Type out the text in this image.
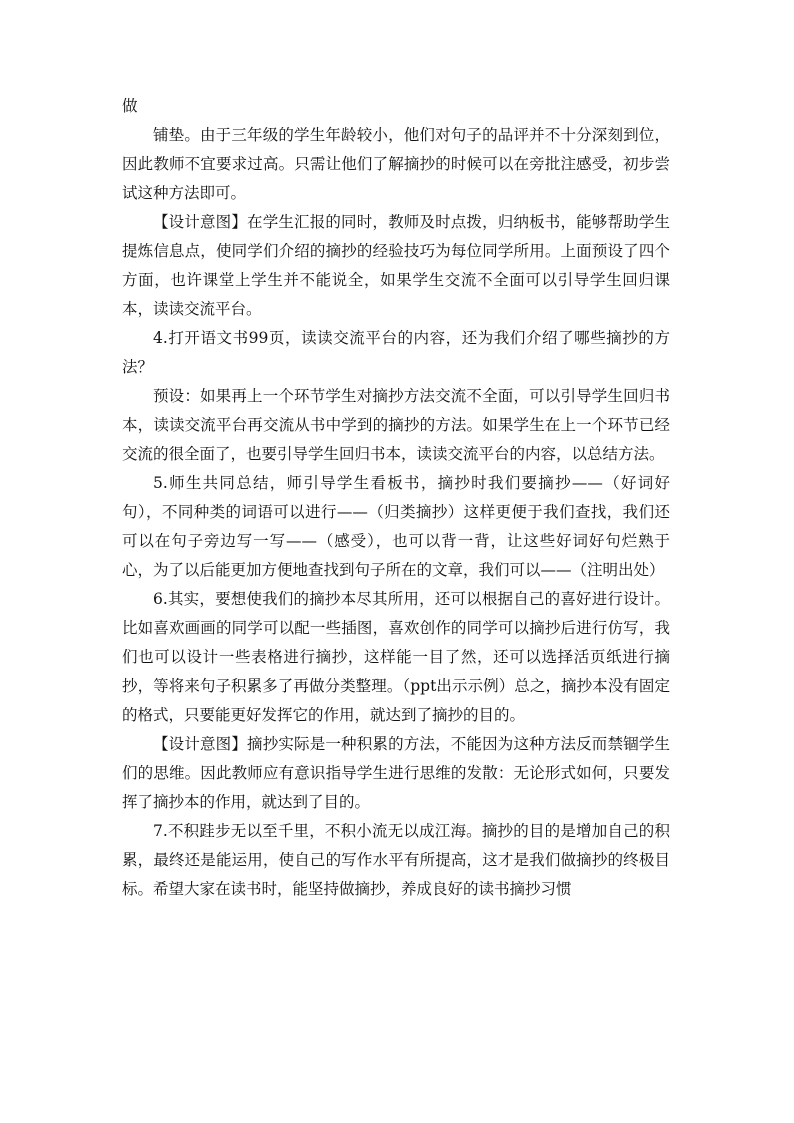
做

铺垫。由于三年级的学生年龄较小，他们对句子的品评并不十分深刻到位，因此教师不宜要求过高。只需让他们了解摘抄的时候可以在旁批注感受，初步尝试这种方法即可。

【设计意图】在学生汇报的同时，教师及时点拨，归纳板书，能够帮助学生提炼信息点，使同学们介绍的摘抄的经验技巧为每位同学所用。上面预设了四个方面，也许课堂上学生并不能说全，如果学生交流不全面可以引导学生回归课本，读读交流平台。

4.打开语文书99页，读读交流平台的内容，还为我们介绍了哪些摘抄的方法？

预设：如果再上一个环节学生对摘抄方法交流不全面，可以引导学生回归书本，读读交流平台再交流从书中学到的摘抄的方法。如果学生在上一个环节已经交流的很全面了，也要引导学生回归书本，读读交流平台的内容，以总结方法。

5.师生共同总结，师引导学生看板书，摘抄时我们要摘抄——（好词好句），不同种类的词语可以进行——（归类摘抄）这样更便于我们查找，我们还可以在句子旁边写一写——（感受），也可以背一背，让这些好词好句烂熟于心，为了以后能更加方便地查找到句子所在的文章，我们可以——（注明出处）

6.其实，要想使我们的摘抄本尽其所用，还可以根据自己的喜好进行设计。比如喜欢画画的同学可以配一些插图，喜欢创作的同学可以摘抄后进行仿写，我们也可以设计一些表格进行摘抄，这样能一目了然，还可以选择活页纸进行摘抄，等将来句子积累多了再做分类整理。（ppt出示示例）总之，摘抄本没有固定的格式，只要能更好发挥它的作用，就达到了摘抄的目的。

【设计意图】摘抄实际是一种积累的方法，不能因为这种方法反而禁锢学生们的思维。因此教师应有意识指导学生进行思维的发散：无论形式如何，只要发挥了摘抄本的作用，就达到了目的。

7.不积跬步无以至千里，不积小流无以成江海。摘抄的目的是增加自己的积累，最终还是能运用，使自己的写作水平有所提高，这才是我们做摘抄的终极目标。希望大家在读书时，能坚持做摘抄，养成良好的读书摘抄习惯
